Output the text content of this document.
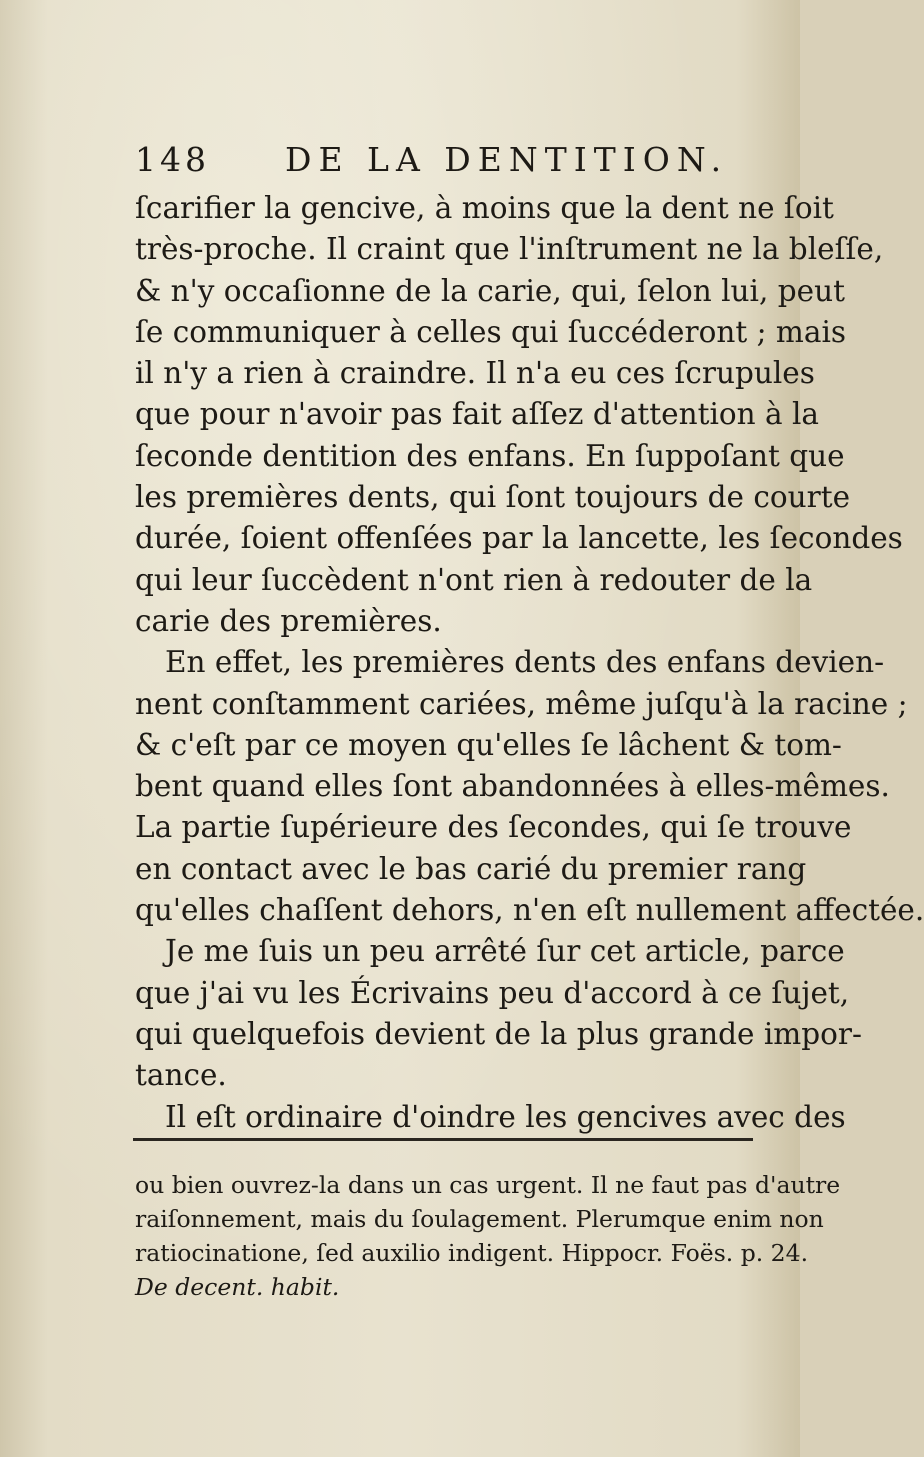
148 DE LA DENTITION.
ſcarifier la gencive, à moins que la dent ne ſoit
très-proche. Il craint que l'inſtrument ne la bleſſe,
& n'y occaſionne de la carie, qui, ſelon lui, peut
ſe communiquer à celles qui ſuccéderont ; mais
il n'y a rien à craindre. Il n'a eu ces ſcrupules
que pour n'avoir pas fait aſſez d'attention à la
ſeconde dentition des enfans. En ſuppoſant que
les premières dents, qui ſont toujours de courte
durée, ſoient offenſées par la lancette, les ſecondes
qui leur ſuccèdent n'ont rien à redouter de la
carie des premières.
En effet, les premières dents des enfans devien-
nent conſtamment cariées, même juſqu'à la racine ;
& c'eſt par ce moyen qu'elles ſe lâchent & tom-
bent quand elles ſont abandonnées à elles-mêmes.
La partie ſupérieure des ſecondes, qui ſe trouve
en contact avec le bas carié du premier rang
qu'elles chaſſent dehors, n'en eſt nullement affectée.
Je me ſuis un peu arrêté ſur cet article, parce
que j'ai vu les Écrivains peu d'accord à ce ſujet,
qui quelquefois devient de la plus grande impor-
tance.
Il eſt ordinaire d'oindre les gencives avec des
ou bien ouvrez-la dans un cas urgent. Il ne faut pas d'autre
raiſonnement, mais du ſoulagement. Plerumque enim non
ratiocinatione, ſed auxilio indigent. Hippocr. Foës. p. 24.
De decent. habit.
